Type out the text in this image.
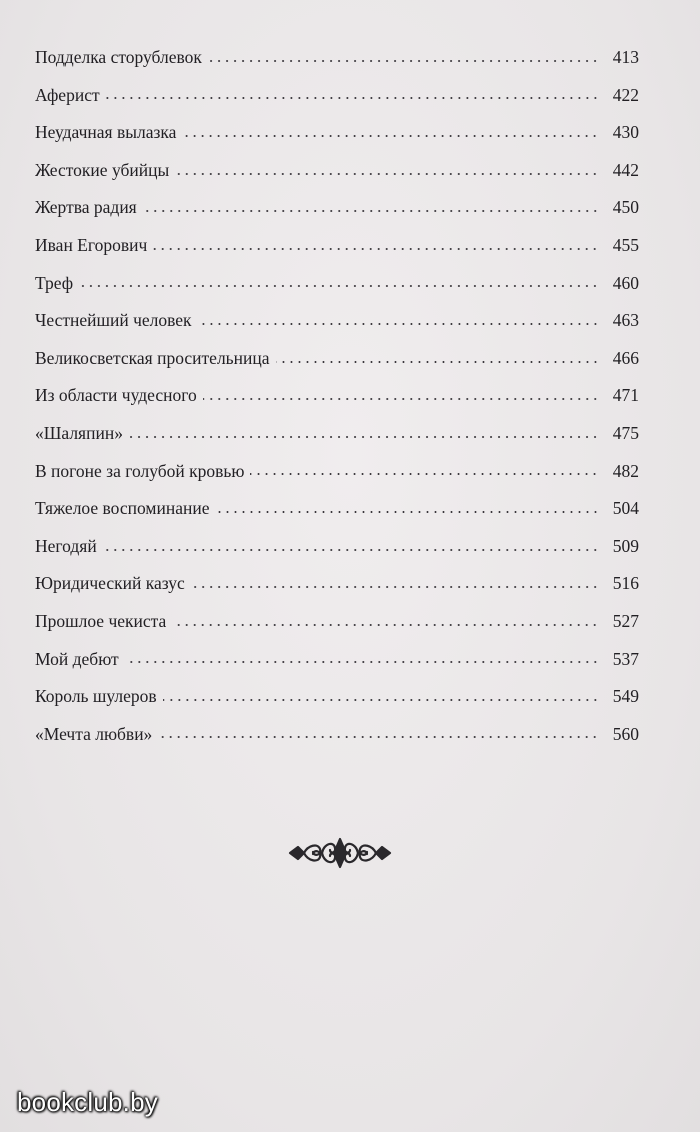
Подделка сторублевок	413
Аферист	422
Неудачная вылазка	430
Жестокие убийцы	442
Жертва радия	450
Иван Егорович	455
Треф	460
Честнейший человек	463
Великосветская просительница	466
Из области чудесного	471
«Шаляпин»	475
В погоне за голубой кровью	482
Тяжелое воспоминание	504
Негодяй	509
Юридический казус	516
Прошлое чекиста	527
Мой дебют	537
Король шулеров	549
«Мечта любви»	560
bookclub.by
